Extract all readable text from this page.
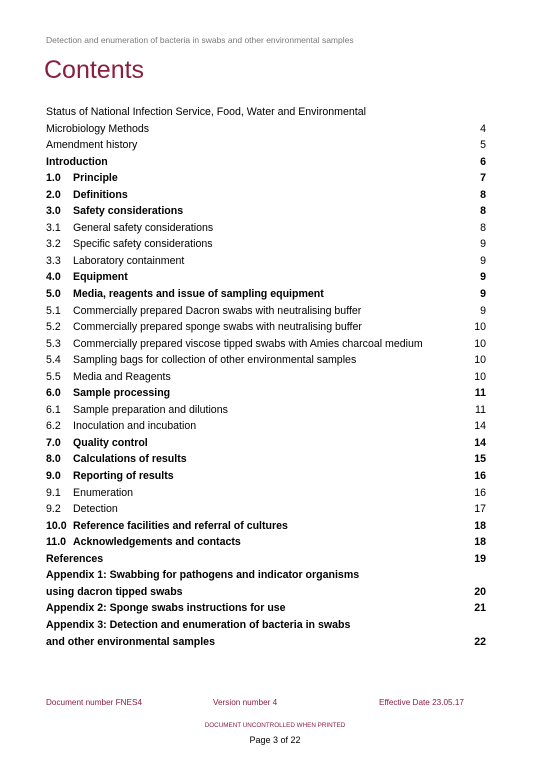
Detection and enumeration of bacteria in swabs and other environmental samples
Contents
Status of National Infection Service, Food, Water and Environmental
Microbiology Methods	4
Amendment history	5
Introduction	6
1.0 Principle	7
2.0 Definitions	8
3.0 Safety considerations	8
3.1 General safety considerations	8
3.2 Specific safety considerations	9
3.3 Laboratory containment	9
4.0 Equipment	9
5.0 Media, reagents and issue of sampling equipment	9
5.1 Commercially prepared Dacron swabs with neutralising buffer	9
5.2 Commercially prepared sponge swabs with neutralising buffer	10
5.3 Commercially prepared viscose tipped swabs with Amies charcoal medium	10
5.4 Sampling bags for collection of other environmental samples	10
5.5 Media and Reagents	10
6.0 Sample processing	11
6.1 Sample preparation and dilutions	11
6.2 Inoculation and incubation	14
7.0 Quality control	14
8.0 Calculations of results	15
9.0 Reporting of results	16
9.1 Enumeration	16
9.2 Detection	17
10.0 Reference facilities and referral of cultures	18
11.0 Acknowledgements and contacts	18
References	19
Appendix 1: Swabbing for pathogens and indicator organisms
using dacron tipped swabs	20
Appendix 2: Sponge swabs instructions for use	21
Appendix 3: Detection and enumeration of bacteria in swabs
and other environmental samples	22
Document number FNES4	Version number 4	Effective Date 23.05.17
DOCUMENT UNCONTROLLED WHEN PRINTED
Page 3 of 22
